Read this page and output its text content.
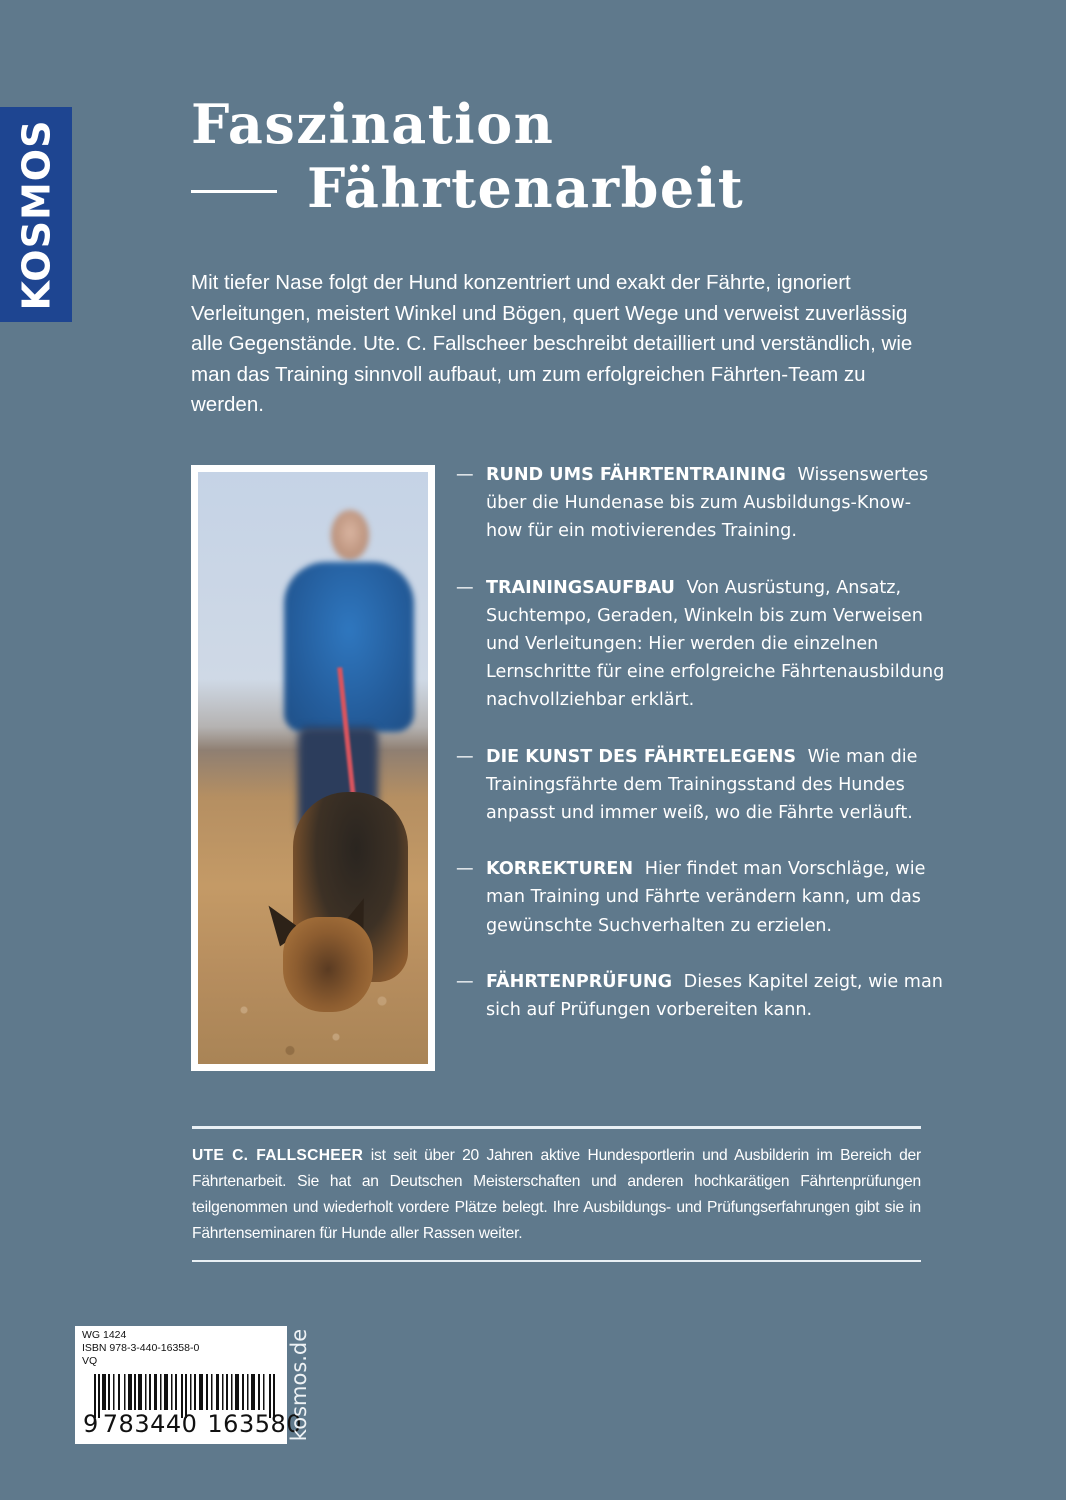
KOSMOS Faszination
Fährtenarbeit

Mit tiefer Nase folgt der Hund konzentriert und exakt der Fährte, ignoriert Verleitungen, meistert Winkel und Bögen, quert Wege und verweist zuverlässig alle Gegenstände. Ute. C. Fallscheer beschreibt detailliert und verständlich, wie man das Training sinnvoll aufbaut, um zum erfolgreichen Fährten-Team zu werden.

— RUND UMS FÄHRTENTRAINING Wissenswertes über die Hundenase bis zum Ausbildungs-Know-how für ein motivierendes Training.
— TRAININGSAUFBAU Von Ausrüstung, Ansatz, Suchtempo, Geraden, Winkeln bis zum Verweisen und Verleitungen: Hier werden die einzelnen Lernschritte für eine erfolgreiche Fährtenausbildung nachvollziehbar erklärt.
— DIE KUNST DES FÄHRTELEGENS Wie man die Trainingsfährte dem Trainingsstand des Hundes anpasst und immer weiß, wo die Fährte verläuft.
— KORREKTUREN Hier findet man Vorschläge, wie man Training und Fährte verändern kann, um das gewünschte Suchverhalten zu erzielen.
— FÄHRTENPRÜFUNG Dieses Kapitel zeigt, wie man sich auf Prüfungen vorbereiten kann.

UTE C. FALLSCHEER ist seit über 20 Jahren aktive Hundesportlerin und Ausbilderin im Bereich der Fährtenarbeit. Sie hat an Deutschen Meisterschaften und anderen hochkarätigen Fährtenprüfungen teilgenommen und wiederholt vordere Plätze belegt. Ihre Ausbildungs- und Prüfungserfahrungen gibt sie in Fährtenseminaren für Hunde aller Rassen weiter.

WG 1424
ISBN 978-3-440-16358-0
VQ
9 783440 163580
kosmos.de
